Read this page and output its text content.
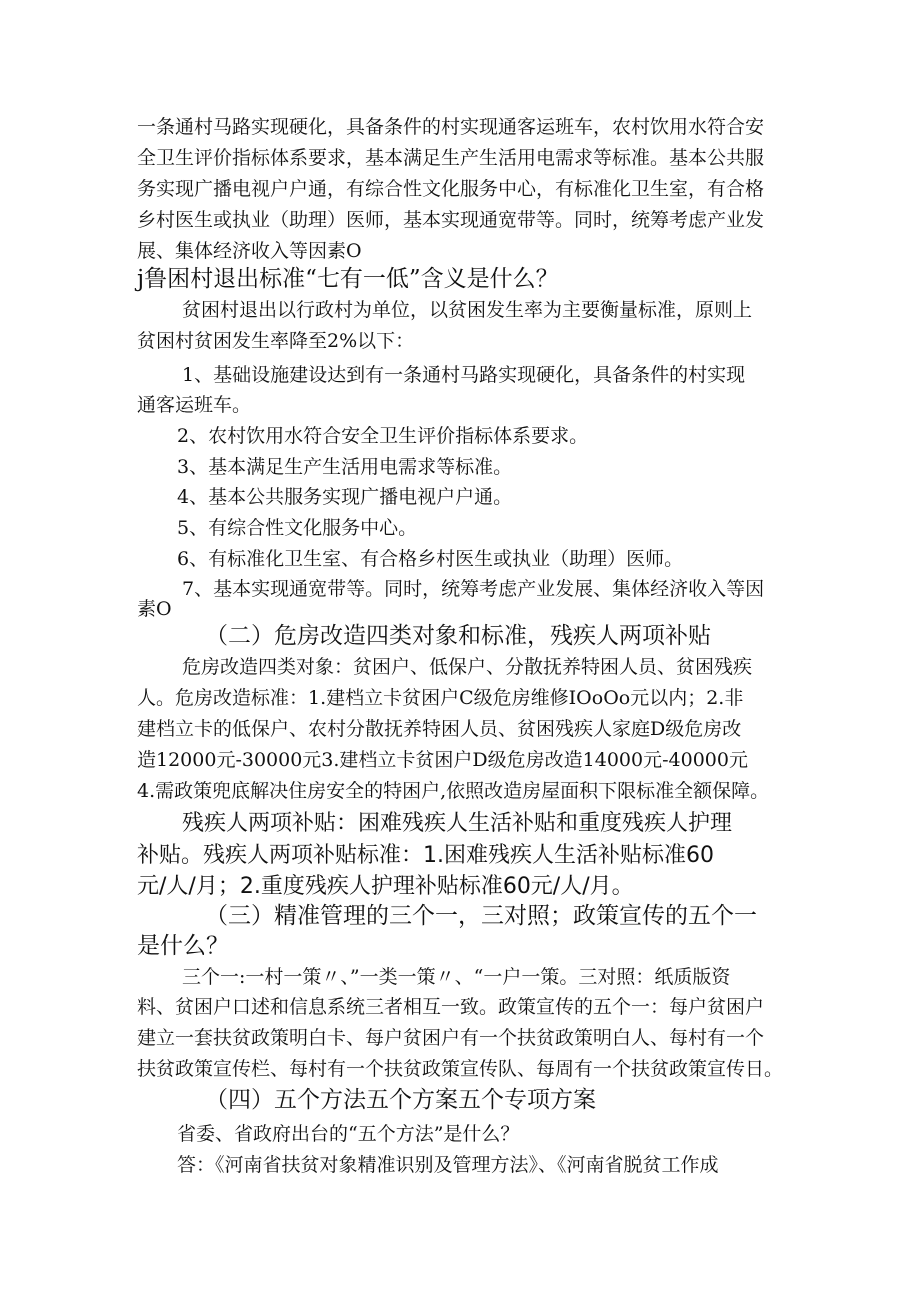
一条通村马路实现硬化，具备条件的村实现通客运班车，农村饮用水符合安

全卫生评价指标体系要求，基本满足生产生活用电需求等标准。基本公共服

务实现广播电视户户通，有综合性文化服务中心，有标准化卫生室，有合格

乡村医生或执业（助理）医师，基本实现通宽带等。同时，统筹考虑产业发

展、集体经济收入等因素O

j鲁困村退出标准“七有一低”含义是什么？

贫困村退出以行政村为单位，以贫困发生率为主要衡量标准，原则上

贫困村贫困发生率降至2%以下：

1、基础设施建设达到有一条通村马路实现硬化，具备条件的村实现

通客运班车。

2、农村饮用水符合安全卫生评价指标体系要求。

3、基本满足生产生活用电需求等标准。

4、基本公共服务实现广播电视户户通。

5、有综合性文化服务中心。

6、有标准化卫生室、有合格乡村医生或执业（助理）医师。

7、基本实现通宽带等。同时，统筹考虑产业发展、集体经济收入等因

素O

（二）危房改造四类对象和标准，残疾人两项补贴

危房改造四类对象：贫困户、低保户、分散抚养特困人员、贫困残疾

人。危房改造标准：1.建档立卡贫困户C级危房维修IOoOo元以内；2.非

建档立卡的低保户、农村分散抚养特困人员、贫困残疾人家庭D级危房改

造12000元-30000元3.建档立卡贫困户D级危房改造14000元-40000元

4.需政策兜底解决住房安全的特困户,依照改造房屋面积下限标准全额保障。

残疾人两项补贴：困难残疾人生活补贴和重度残疾人护理

补贴。残疾人两项补贴标准：1.困难残疾人生活补贴标准60

元/人/月；2.重度残疾人护理补贴标准60元/人/月。

（三）精准管理的三个一，三对照；政策宣传的五个一

是什么？

三个一:一村一策〃、”一类一策〃、“一户一策。三对照：纸质版资

料、贫困户口述和信息系统三者相互一致。政策宣传的五个一：每户贫困户

建立一套扶贫政策明白卡、每户贫困户有一个扶贫政策明白人、每村有一个

扶贫政策宣传栏、每村有一个扶贫政策宣传队、每周有一个扶贫政策宣传日。

（四）五个方法五个方案五个专项方案

省委、省政府出台的“五个方法”是什么？

答：《河南省扶贫对象精准识别及管理方法》、《河南省脱贫工作成
